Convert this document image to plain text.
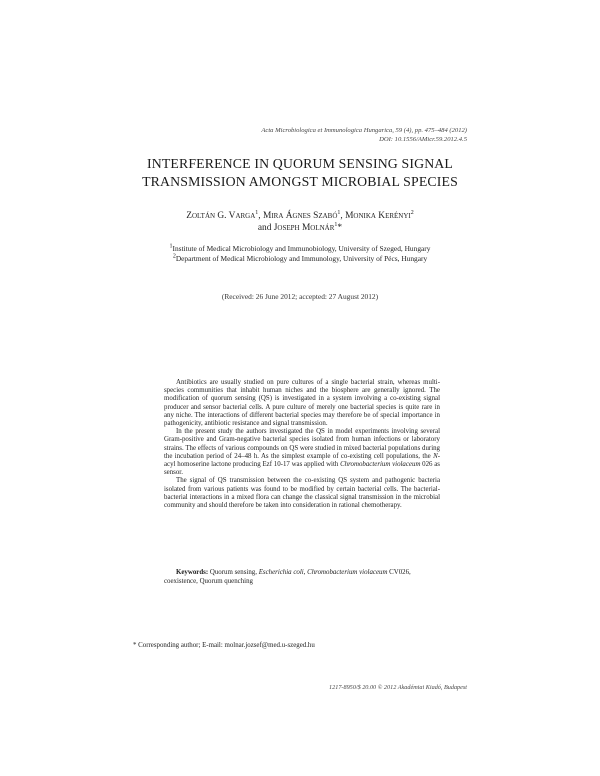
Acta Microbiologica et Immunologica Hungarica, 59 (4), pp. 475–484 (2012)
DOI: 10.1556/AMicr.59.2012.4.5
INTERFERENCE IN QUORUM SENSING SIGNAL
TRANSMISSION AMONGST MICROBIAL SPECIES
Zoltán G. Varga$^1$, Mira Ágnes Szabó$^1$, Monika Kerényi$^2$
and Joseph Molnár$^1$*
$^1$Institute of Medical Microbiology and Immunobiology, University of Szeged, Hungary
$^2$Department of Medical Microbiology and Immunology, University of Pécs, Hungary
(Received: 26 June 2012; accepted: 27 August 2012)

Antibiotics are usually studied on pure cultures of a single bacterial strain, whereas multi-species communities that inhabit human niches and the biosphere are generally ignored. The modification of quorum sensing (QS) is investigated in a system involving a co-existing signal producer and sensor bacterial cells. A pure culture of merely one bacterial species is quite rare in any niche. The interactions of different bacterial species may therefore be of special importance in pathogenicity, antibiotic resistance and signal transmission.

In the present study the authors investigated the QS in model experiments involving several Gram-positive and Gram-negative bacterial species isolated from human infections or laboratory strains. The effects of various compounds on QS were studied in mixed bacterial populations during the incubation period of 24–48 h. As the simplest example of co-existing cell populations, the N-acyl homoserine lactone producing Ezf 10-17 was applied with Chromobacterium violaceum 026 as sensor.

The signal of QS transmission between the co-existing QS system and pathogenic bacteria isolated from various patients was found to be modified by certain bacterial cells. The bacterial-bacterial interactions in a mixed flora can change the classical signal transmission in the microbial community and should therefore be taken into consideration in rational chemotherapy.

Keywords: Quorum sensing, Escherichia coli, Chromobacterium violaceum CV026, coexistence, Quorum quenching
* Corresponding author; E-mail: molnar.jozsef@med.u-szeged.hu
1217-8950/$ 20.00 © 2012 Akadémiai Kiadó, Budapest
